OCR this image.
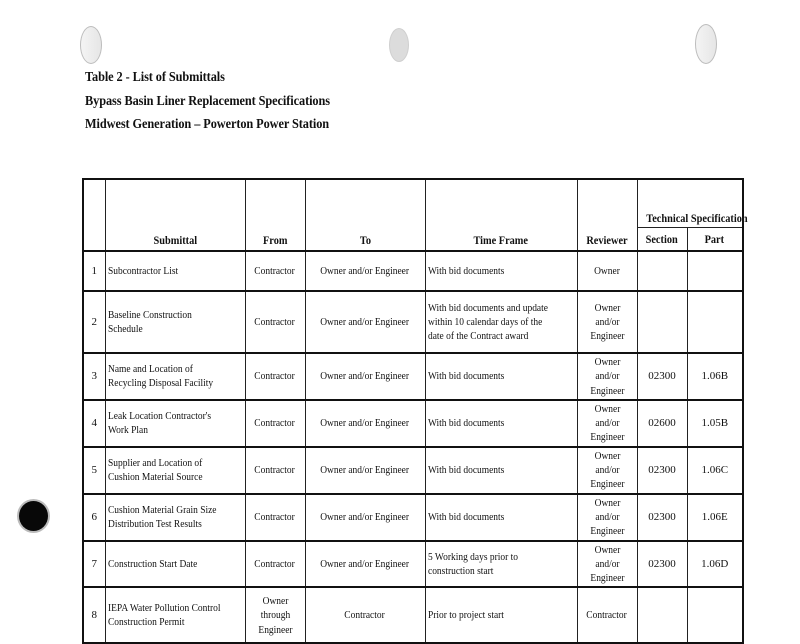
Table 2 - List of Submittals
Bypass Basin Liner Replacement Specifications
Midwest Generation – Powerton Power Station
	Submittal	From	To	Time Frame	Reviewer	Technical Specification	
						Section	Part
1	Subcontractor List	Contractor	Owner and/or Engineer	With bid documents	Owner		
2	Baseline Construction Schedule	Contractor	Owner and/or Engineer	With bid documents and update within 10 calendar days of the date of the Contract award	Owner and/or Engineer		
3	Name and Location of Recycling Disposal Facility	Contractor	Owner and/or Engineer	With bid documents	Owner and/or Engineer	02300	1.06B
4	Leak Location Contractor's Work Plan	Contractor	Owner and/or Engineer	With bid documents	Owner and/or Engineer	02600	1.05B
5	Supplier and Location of Cushion Material Source	Contractor	Owner and/or Engineer	With bid documents	Owner and/or Engineer	02300	1.06C
6	Cushion Material Grain Size Distribution Test Results	Contractor	Owner and/or Engineer	With bid documents	Owner and/or Engineer	02300	1.06E
7	Construction Start Date	Contractor	Owner and/or Engineer	5 Working days prior to construction start	Owner and/or Engineer	02300	1.06D
8	IEPA Water Pollution Control Construction Permit	Owner through Engineer	Contractor	Prior to project start	Contractor		
